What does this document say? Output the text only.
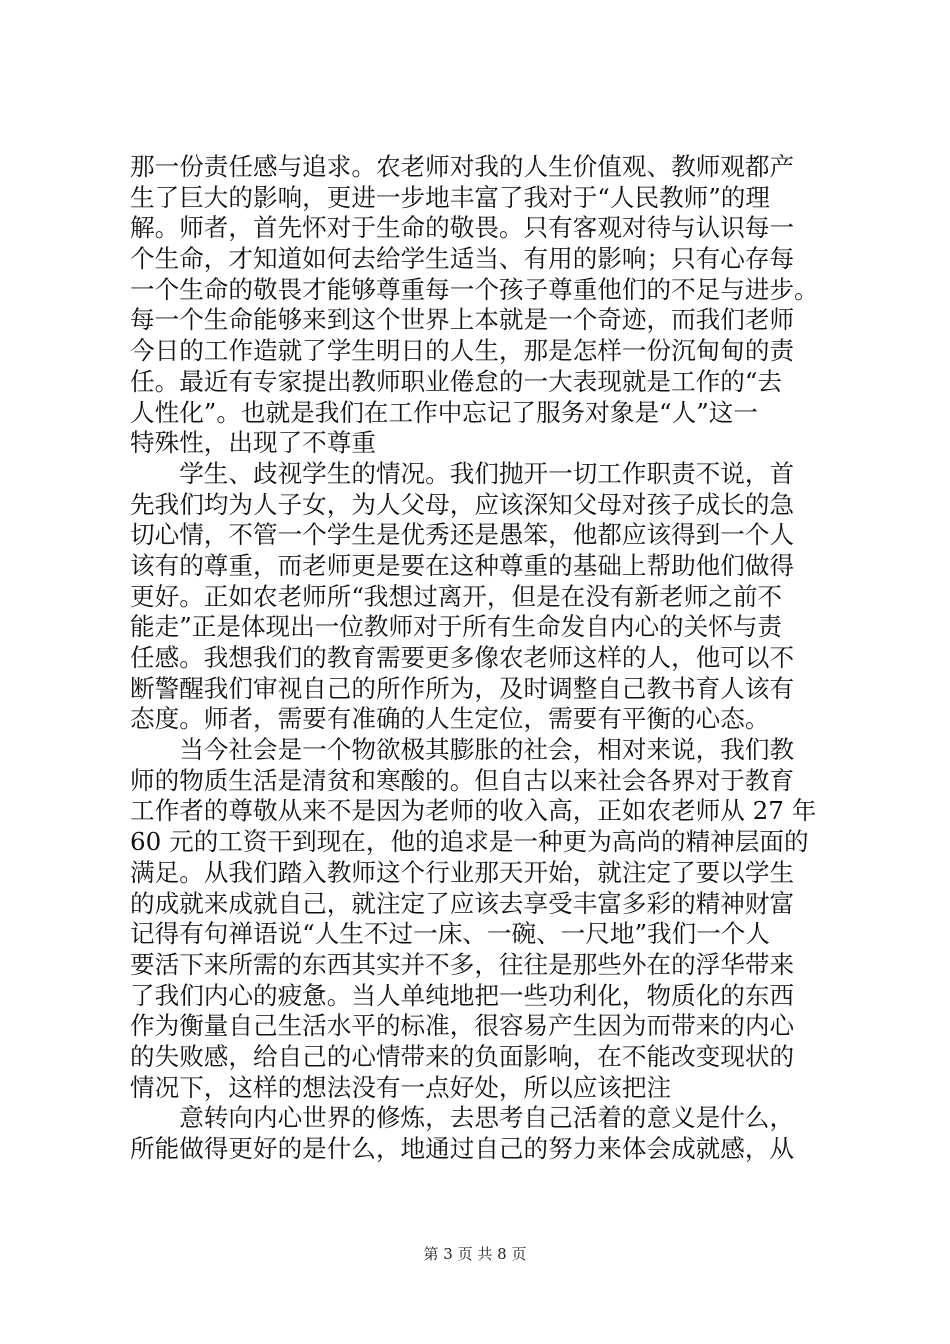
那一份责任感与追求。农老师对我的人生价值观、教师观都产
生了巨大的影响，更进一步地丰富了我对于“人民教师”的理
解。师者，首先怀对于生命的敬畏。只有客观对待与认识每一
个生命，才知道如何去给学生适当、有用的影响；只有心存每
一个生命的敬畏才能够尊重每一个孩子尊重他们的不足与进步。
每一个生命能够来到这个世界上本就是一个奇迹，而我们老师
今日的工作造就了学生明日的人生，那是怎样一份沉甸甸的责
任。最近有专家提出教师职业倦怠的一大表现就是工作的“去
人性化”。也就是我们在工作中忘记了服务对象是“人”这一
特殊性，出现了不尊重
　　学生、歧视学生的情况。我们抛开一切工作职责不说，首
先我们均为人子女，为人父母，应该深知父母对孩子成长的急
切心情，不管一个学生是优秀还是愚笨，他都应该得到一个人
该有的尊重，而老师更是要在这种尊重的基础上帮助他们做得
更好。正如农老师所“我想过离开，但是在没有新老师之前不
能走”正是体现出一位教师对于所有生命发自内心的关怀与责
任感。我想我们的教育需要更多像农老师这样的人，他可以不
断警醒我们审视自己的所作所为，及时调整自己教书育人该有
态度。师者，需要有准确的人生定位，需要有平衡的心态。
　　当今社会是一个物欲极其膨胀的社会，相对来说，我们教
师的物质生活是清贫和寒酸的。但自古以来社会各界对于教育
工作者的尊敬从来不是因为老师的收入高，正如农老师从 27 年
60 元的工资干到现在，他的追求是一种更为高尚的精神层面的
满足。从我们踏入教师这个行业那天开始，就注定了要以学生
的成就来成就自己，就注定了应该去享受丰富多彩的精神财富
记得有句禅语说“人生不过一床、一碗、一尺地”我们一个人
要活下来所需的东西其实并不多，往往是那些外在的浮华带来
了我们内心的疲惫。当人单纯地把一些功利化，物质化的东西
作为衡量自己生活水平的标准，很容易产生因为而带来的内心
的失败感，给自己的心情带来的负面影响，在不能改变现状的
情况下，这样的想法没有一点好处，所以应该把注
　　意转向内心世界的修炼，去思考自己活着的意义是什么，
所能做得更好的是什么，地通过自己的努力来体会成就感，从
第 3 页 共 8 页
